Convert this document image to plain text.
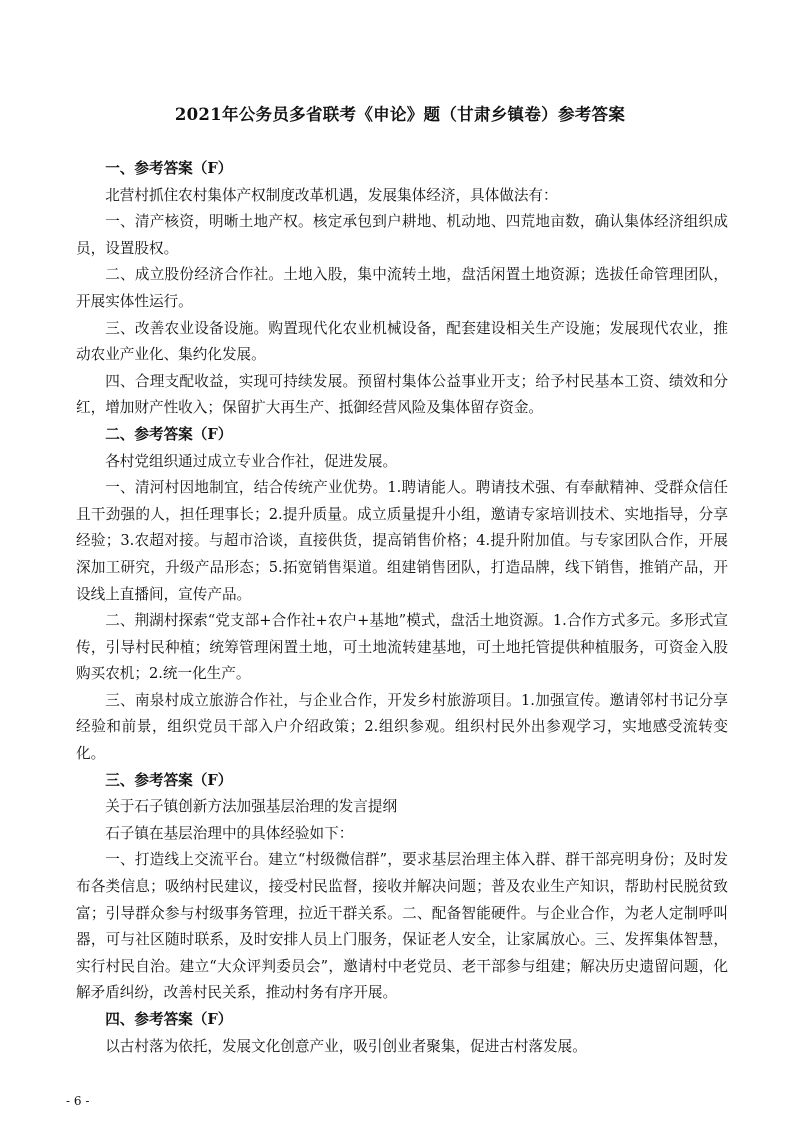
2021年公务员多省联考《申论》题（甘肃乡镇卷）参考答案
一、参考答案（F）

北营村抓住农村集体产权制度改革机遇，发展集体经济，具体做法有：

一、清产核资，明晰土地产权。核定承包到户耕地、机动地、四荒地亩数，确认集体经济组织成员，设置股权。

二、成立股份经济合作社。土地入股，集中流转土地，盘活闲置土地资源；选拔任命管理团队，开展实体性运行。

三、改善农业设备设施。购置现代化农业机械设备，配套建设相关生产设施；发展现代农业，推动农业产业化、集约化发展。

四、合理支配收益，实现可持续发展。预留村集体公益事业开支；给予村民基本工资、绩效和分红，增加财产性收入；保留扩大再生产、抵御经营风险及集体留存资金。

二、参考答案（F）

各村党组织通过成立专业合作社，促进发展。

一、清河村因地制宜，结合传统产业优势。1.聘请能人。聘请技术强、有奉献精神、受群众信任且干劲强的人，担任理事长；2.提升质量。成立质量提升小组，邀请专家培训技术、实地指导，分享经验；3.农超对接。与超市洽谈，直接供货，提高销售价格；4.提升附加值。与专家团队合作，开展深加工研究，升级产品形态；5.拓宽销售渠道。组建销售团队，打造品牌，线下销售，推销产品，开设线上直播间，宣传产品。

二、荆湖村探索“党支部+合作社+农户+基地”模式，盘活土地资源。1.合作方式多元。多形式宣传，引导村民种植；统筹管理闲置土地，可土地流转建基地，可土地托管提供种植服务，可资金入股购买农机；2.统一化生产。

三、南泉村成立旅游合作社，与企业合作，开发乡村旅游项目。1.加强宣传。邀请邻村书记分享经验和前景，组织党员干部入户介绍政策；2.组织参观。组织村民外出参观学习，实地感受流转变化。

三、参考答案（F）

关于石子镇创新方法加强基层治理的发言提纲

石子镇在基层治理中的具体经验如下：

一、打造线上交流平台。建立“村级微信群”，要求基层治理主体入群、群干部亮明身份；及时发布各类信息；吸纳村民建议，接受村民监督，接收并解决问题；普及农业生产知识，帮助村民脱贫致富；引导群众参与村级事务管理，拉近干群关系。二、配备智能硬件。与企业合作，为老人定制呼叫器，可与社区随时联系，及时安排人员上门服务，保证老人安全，让家属放心。三、发挥集体智慧，实行村民自治。建立“大众评判委员会”，邀请村中老党员、老干部参与组建；解决历史遗留问题，化解矛盾纠纷，改善村民关系，推动村务有序开展。

四、参考答案（F）

以古村落为依托，发展文化创意产业，吸引创业者聚集，促进古村落发展。

- 6 -
